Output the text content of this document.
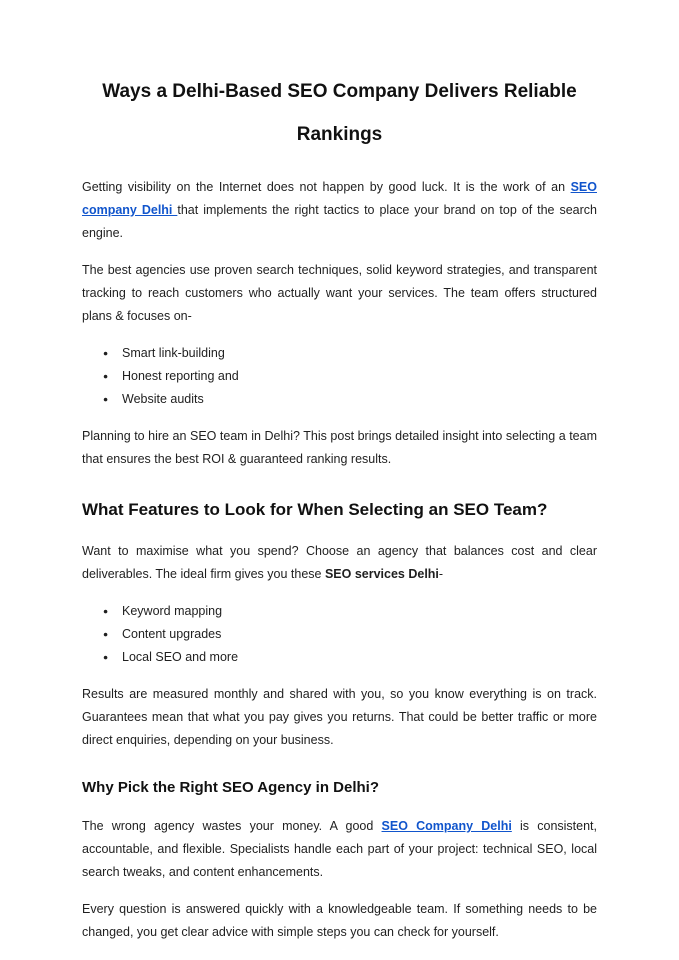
Ways a Delhi-Based SEO Company Delivers Reliable Rankings

Getting visibility on the Internet does not happen by good luck. It is the work of an SEO company Delhi that implements the right tactics to place your brand on top of the search engine.

The best agencies use proven search techniques, solid keyword strategies, and transparent tracking to reach customers who actually want your services. The team offers structured plans & focuses on-

● Smart link-building
● Honest reporting and
● Website audits

Planning to hire an SEO team in Delhi? This post brings detailed insight into selecting a team that ensures the best ROI & guaranteed ranking results.

What Features to Look for When Selecting an SEO Team?

Want to maximise what you spend? Choose an agency that balances cost and clear deliverables. The ideal firm gives you these SEO services Delhi-

● Keyword mapping
● Content upgrades
● Local SEO and more

Results are measured monthly and shared with you, so you know everything is on track. Guarantees mean that what you pay gives you returns. That could be better traffic or more direct enquiries, depending on your business.

Why Pick the Right SEO Agency in Delhi?

The wrong agency wastes your money. A good SEO Company Delhi is consistent, accountable, and flexible. Specialists handle each part of your project: technical SEO, local search tweaks, and content enhancements.

Every question is answered quickly with a knowledgeable team. If something needs to be changed, you get clear advice with simple steps you can check for yourself.
